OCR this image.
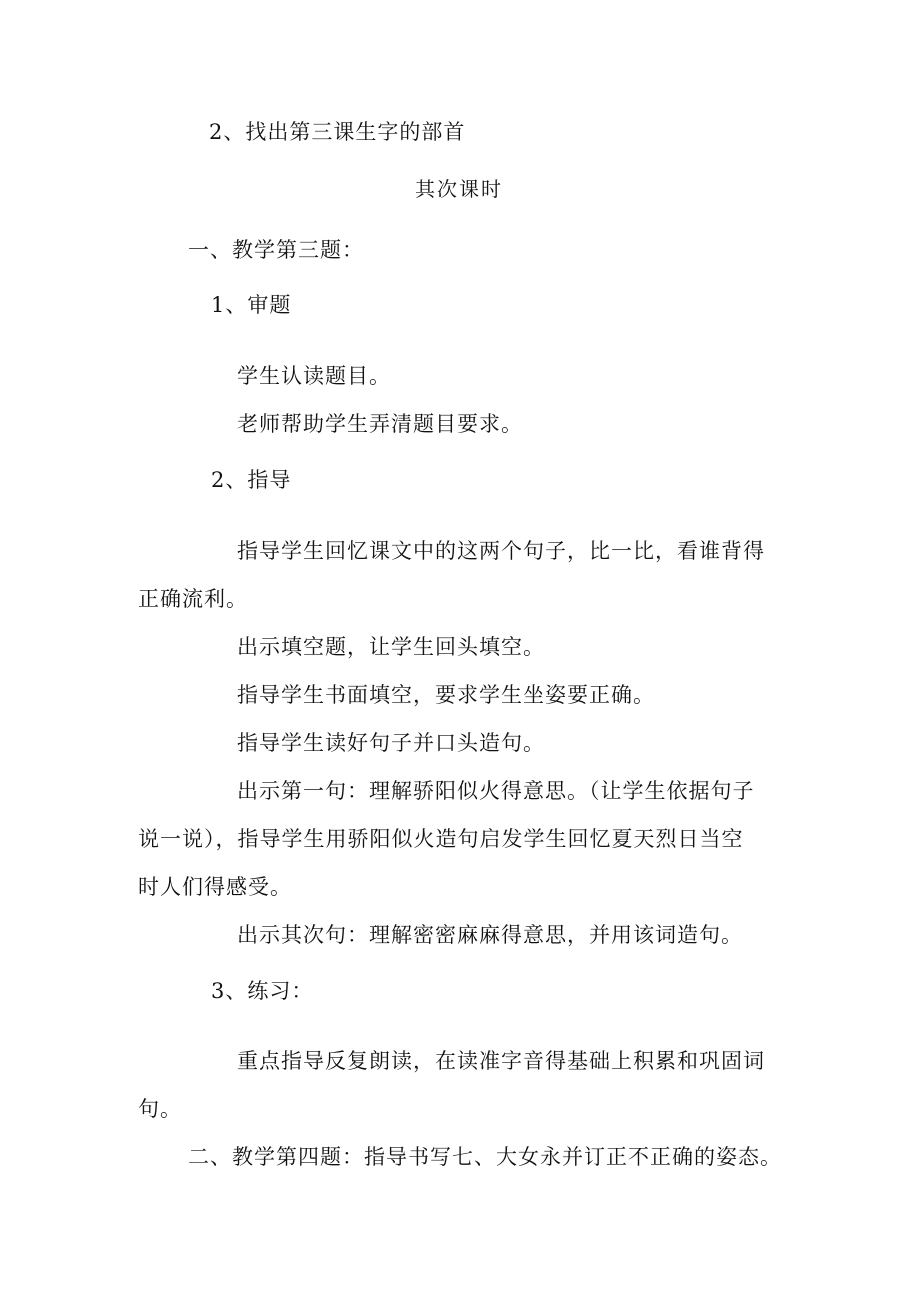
2、找出第三课生字的部首
其次课时
一、教学第三题：
1、审题
学生认读题目。
老师帮助学生弄清题目要求。
2、指导
指导学生回忆课文中的这两个句子，比一比，看谁背得
正确流利。
出示填空题，让学生回头填空。
指导学生书面填空，要求学生坐姿要正确。
指导学生读好句子并口头造句。
出示第一句：理解骄阳似火得意思。（让学生依据句子
说一说），指导学生用骄阳似火造句启发学生回忆夏天烈日当空
时人们得感受。
出示其次句：理解密密麻麻得意思，并用该词造句。
3、练习：
重点指导反复朗读，在读准字音得基础上积累和巩固词
句。
二、教学第四题：指导书写七、大女永并订正不正确的姿态。
